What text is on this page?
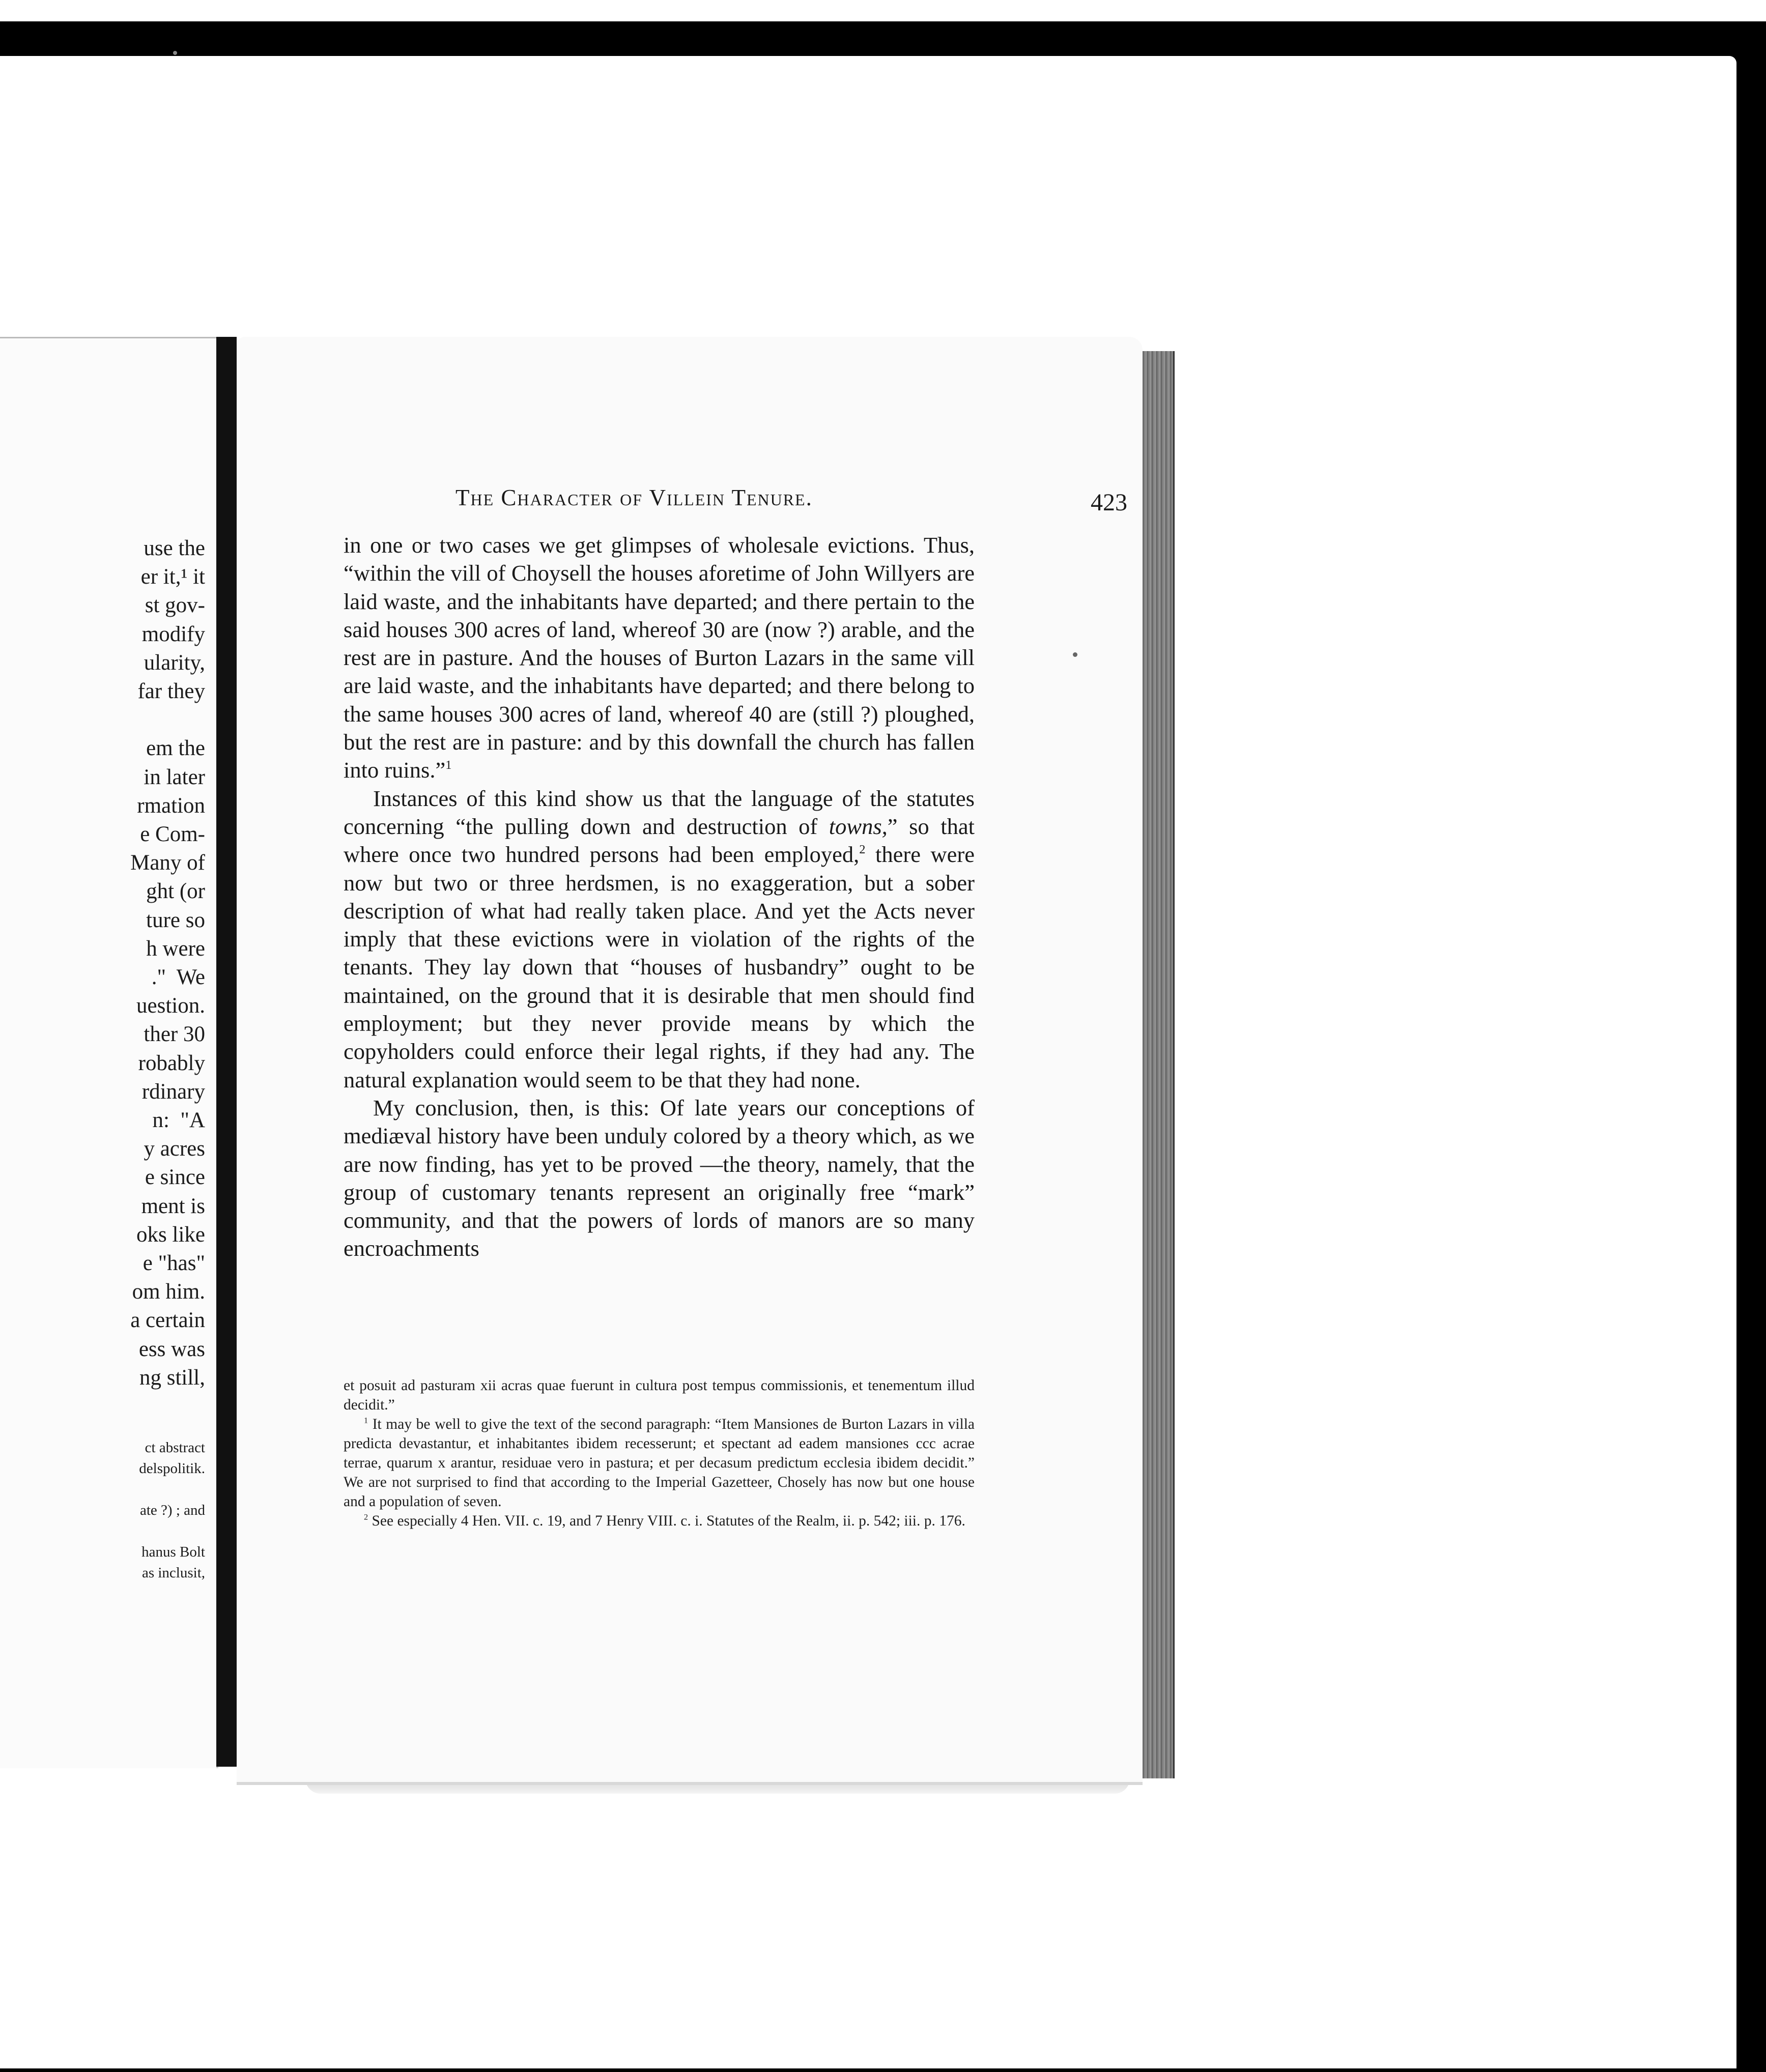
use the
er it,¹ it
st gov-
modify
ularity,
far they

em the
in later
rmation
e Com-
Many of
ght (or
ture so
h were
."  We
uestion.
ther 30
robably
rdinary
n:  "A
y acres
e since
ment is
oks like
e "has"
om him.
a certain
ess was
ng still,
ct abstract
delspolitik.

ate ?) ; and

hanus Bolt
as inclusit,
The Character of Villein Tenure.	423

in one or two cases we get glimpses of wholesale evictions. Thus, “within the vill of Choysell the houses aforetime of John Willyers are laid waste, and the inhabitants have departed; and there pertain to the said houses 300 acres of land, whereof 30 are (now ?) arable, and the rest are in pasture. And the houses of Burton Lazars in the same vill are laid waste, and the inhabitants have departed; and there belong to the same houses 300 acres of land, whereof 40 are (still ?) ploughed, but the rest are in pasture: and by this downfall the church has fallen into ruins.”$^1$

Instances of this kind show us that the language of the statutes concerning “the pulling down and destruction of towns,” so that where once two hundred persons had been employed,$^2$ there were now but two or three herdsmen, is no exaggeration, but a sober description of what had really taken place. And yet the Acts never imply that these evictions were in violation of the rights of the tenants. They lay down that “houses of husbandry” ought to be maintained, on the ground that it is desirable that men should find employment; but they never provide means by which the copyholders could enforce their legal rights, if they had any. The natural explanation would seem to be that they had none.

My conclusion, then, is this: Of late years our conceptions of mediæval history have been unduly colored by a theory which, as we are now finding, has yet to be proved —the theory, namely, that the group of customary tenants represent an originally free “mark” community, and that the powers of lords of manors are so many encroachments

et posuit ad pasturam xii acras quae fuerunt in cultura post tempus commissionis, et tenementum illud decidit.”

$^1$ It may be well to give the text of the second paragraph: “Item Mansiones de Burton Lazars in villa predicta devastantur, et inhabitantes ibidem recesserunt; et spectant ad eadem mansiones ccc acrae terrae, quarum x arantur, residuae vero in pastura; et per decasum predictum ecclesia ibidem decidit.” We are not surprised to find that according to the Imperial Gazetteer, Chosely has now but one house and a population of seven.

$^2$ See especially 4 Hen. VII. c. 19, and 7 Henry VIII. c. i. Statutes of the Realm, ii. p. 542; iii. p. 176.
